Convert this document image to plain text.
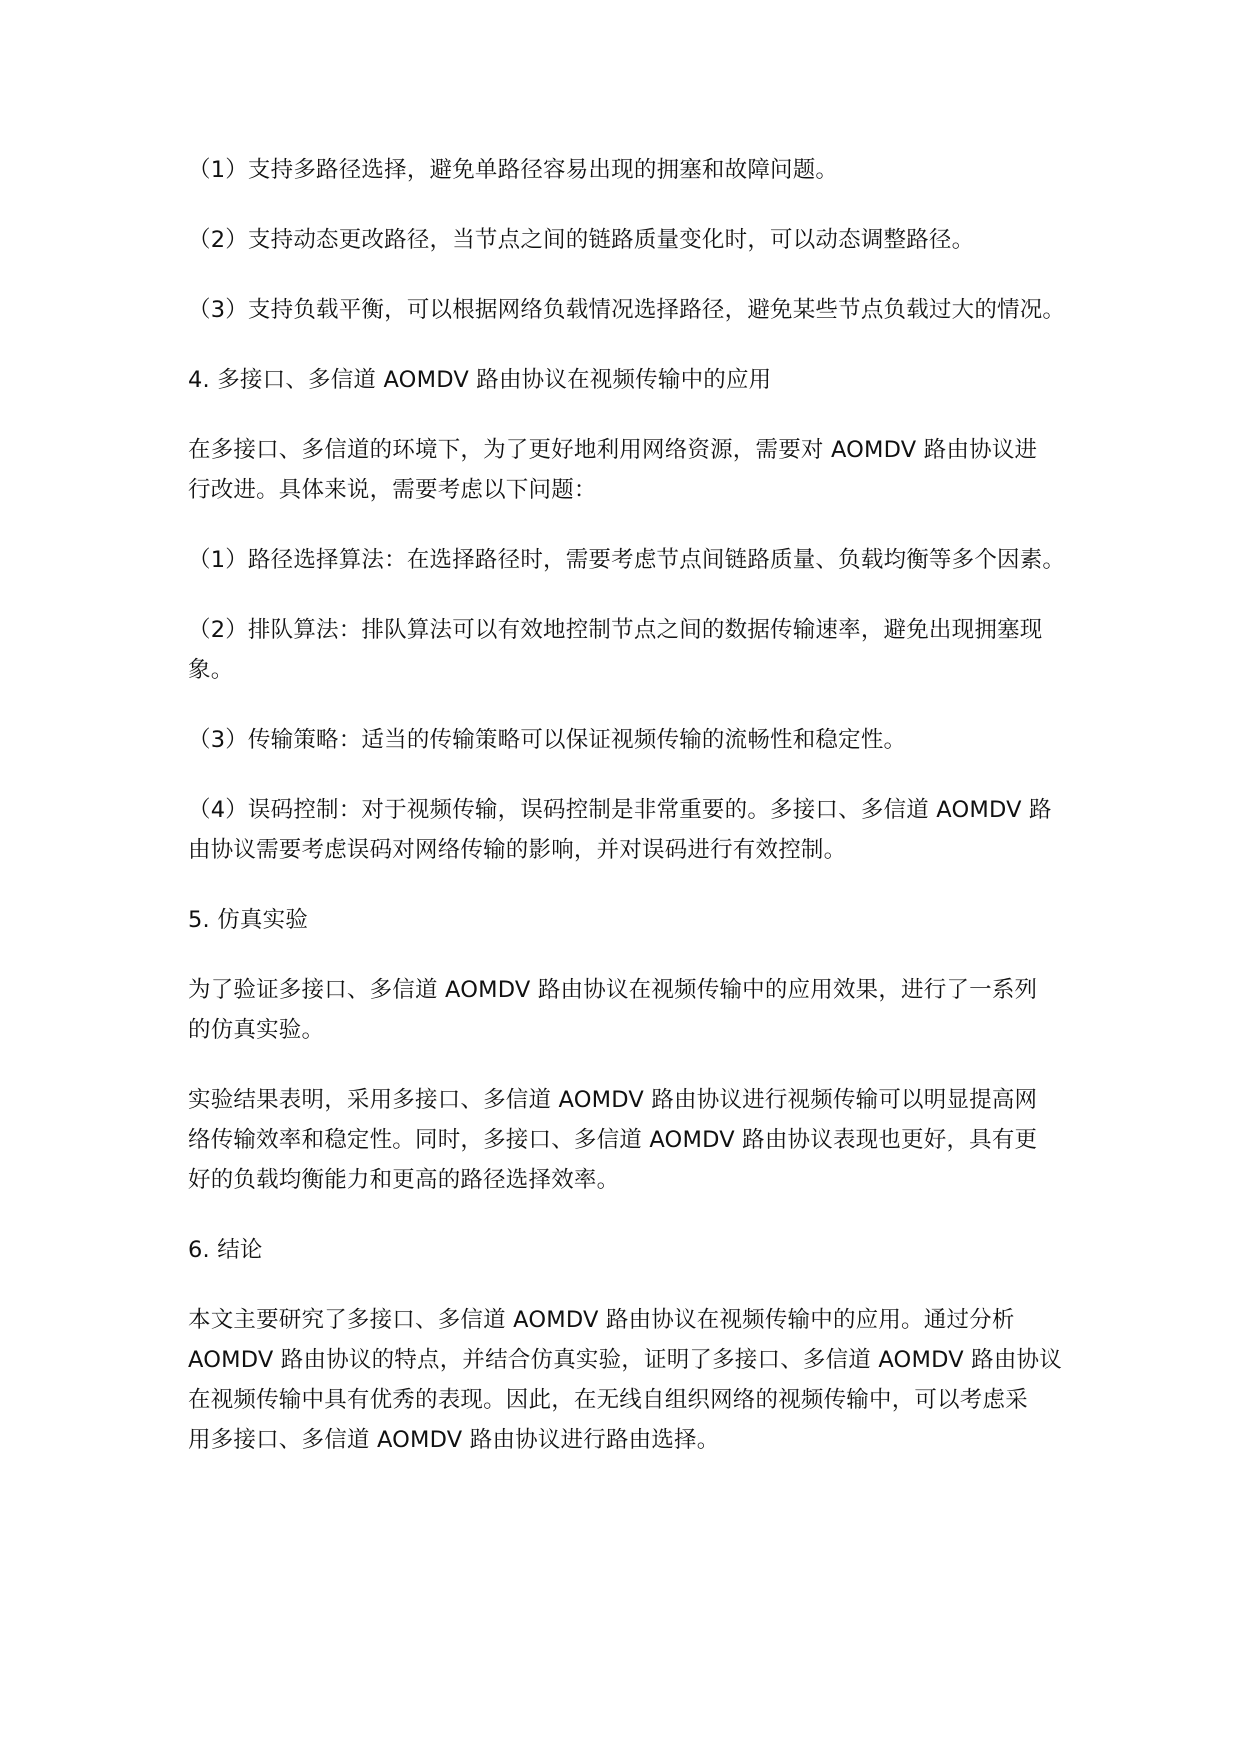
（1）支持多路径选择，避免单路径容易出现的拥塞和故障问题。

（2）支持动态更改路径，当节点之间的链路质量变化时，可以动态调整路径。

（3）支持负载平衡，可以根据网络负载情况选择路径，避免某些节点负载过大的情况。

4. 多接口、多信道 AOMDV 路由协议在视频传输中的应用

在多接口、多信道的环境下，为了更好地利用网络资源，需要对 AOMDV 路由协议进
行改进。具体来说，需要考虑以下问题：

（1）路径选择算法：在选择路径时，需要考虑节点间链路质量、负载均衡等多个因素。

（2）排队算法：排队算法可以有效地控制节点之间的数据传输速率，避免出现拥塞现
象。

（3）传输策略：适当的传输策略可以保证视频传输的流畅性和稳定性。

（4）误码控制：对于视频传输，误码控制是非常重要的。多接口、多信道 AOMDV 路
由协议需要考虑误码对网络传输的影响，并对误码进行有效控制。

5. 仿真实验

为了验证多接口、多信道 AOMDV 路由协议在视频传输中的应用效果，进行了一系列
的仿真实验。

实验结果表明，采用多接口、多信道 AOMDV 路由协议进行视频传输可以明显提高网
络传输效率和稳定性。同时，多接口、多信道 AOMDV 路由协议表现也更好，具有更
好的负载均衡能力和更高的路径选择效率。

6. 结论

本文主要研究了多接口、多信道 AOMDV 路由协议在视频传输中的应用。通过分析
AOMDV 路由协议的特点，并结合仿真实验，证明了多接口、多信道 AOMDV 路由协议
在视频传输中具有优秀的表现。因此，在无线自组织网络的视频传输中，可以考虑采
用多接口、多信道 AOMDV 路由协议进行路由选择。
